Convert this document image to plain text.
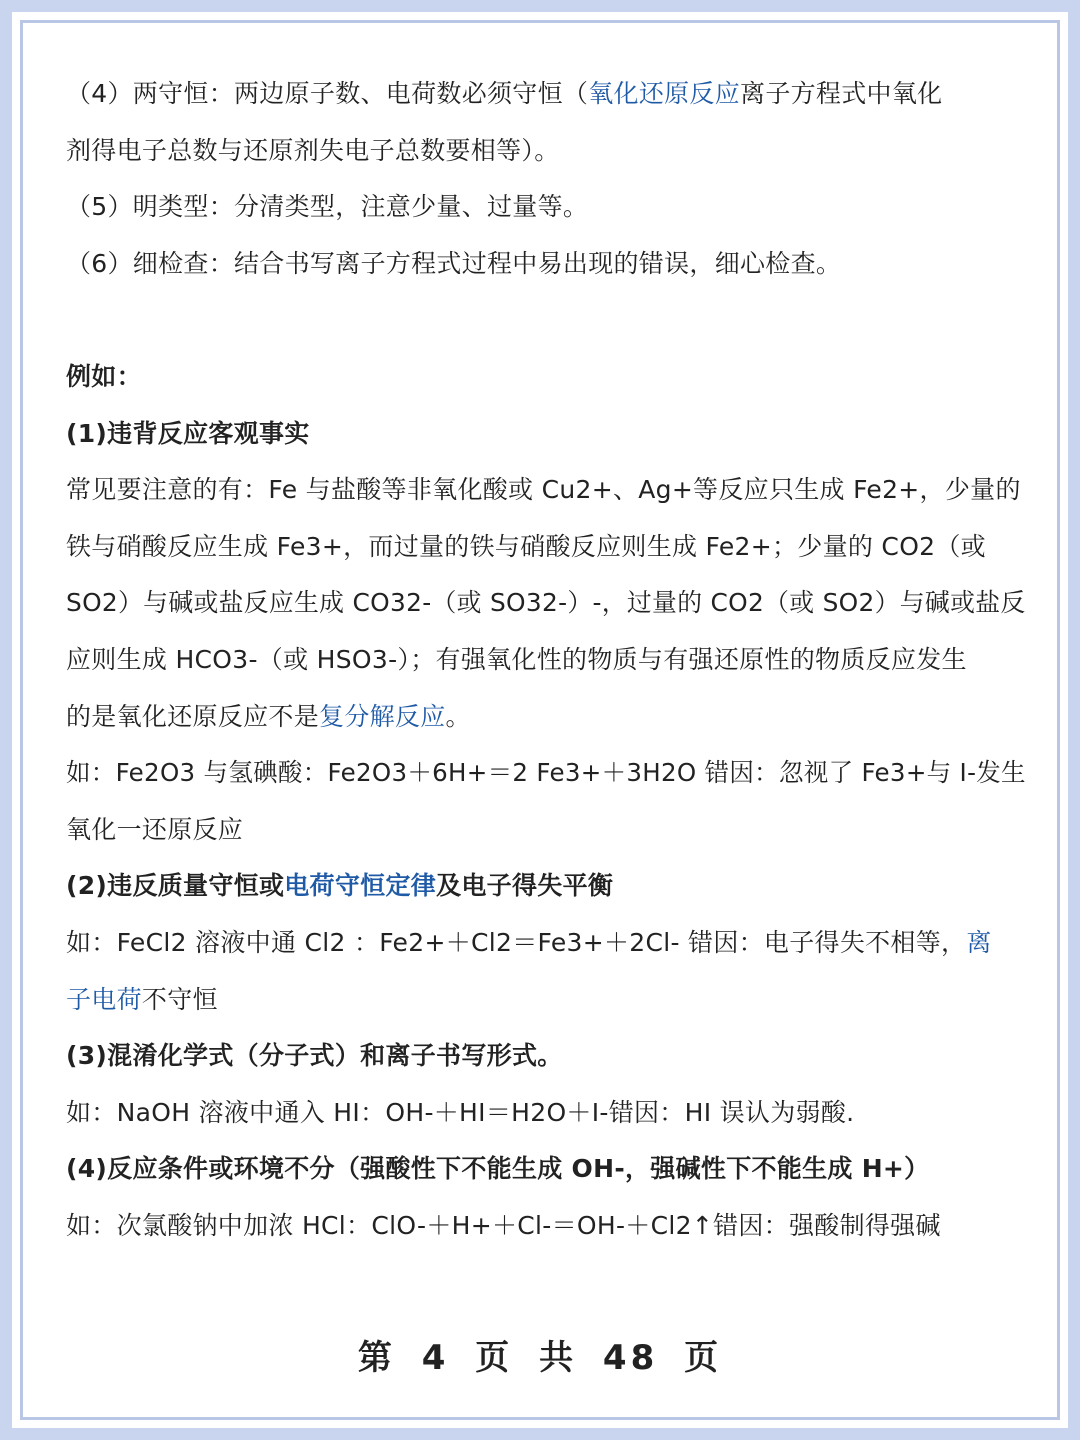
（4）两守恒：两边原子数、电荷数必须守恒（氧化还原反应离子方程式中氧化
剂得电子总数与还原剂失电子总数要相等）。
（5）明类型：分清类型，注意少量、过量等。
（6）细检查：结合书写离子方程式过程中易出现的错误，细心检查。
例如：
(1)违背反应客观事实
常见要注意的有：Fe 与盐酸等非氧化酸或 Cu2+、Ag+等反应只生成 Fe2+，少量的
铁与硝酸反应生成 Fe3+，而过量的铁与硝酸反应则生成 Fe2+；少量的 CO2（或
SO2）与碱或盐反应生成 CO32-（或 SO32-）-，过量的 CO2（或 SO2）与碱或盐反
应则生成 HCO3-（或 HSO3-）；有强氧化性的物质与有强还原性的物质反应发生
的是氧化还原反应不是复分解反应。
如：Fe2O3 与氢碘酸：Fe2O3＋6H+＝2 Fe3+＋3H2O 错因：忽视了 Fe3+与 I-发生
氧化一还原反应
(2)违反质量守恒或电荷守恒定律及电子得失平衡
如：FeCl2 溶液中通 Cl2 ：Fe2+＋Cl2＝Fe3+＋2Cl- 错因：电子得失不相等，离
子电荷不守恒
(3)混淆化学式（分子式）和离子书写形式。
如：NaOH 溶液中通入 HI：OH-＋HI＝H2O＋I-错因：HI 误认为弱酸.
(4)反应条件或环境不分（强酸性下不能生成 OH-，强碱性下不能生成 H+）
如：次氯酸钠中加浓 HCl：ClO-＋H+＋Cl-＝OH-＋Cl2↑错因：强酸制得强碱
第 4 页 共 48 页
